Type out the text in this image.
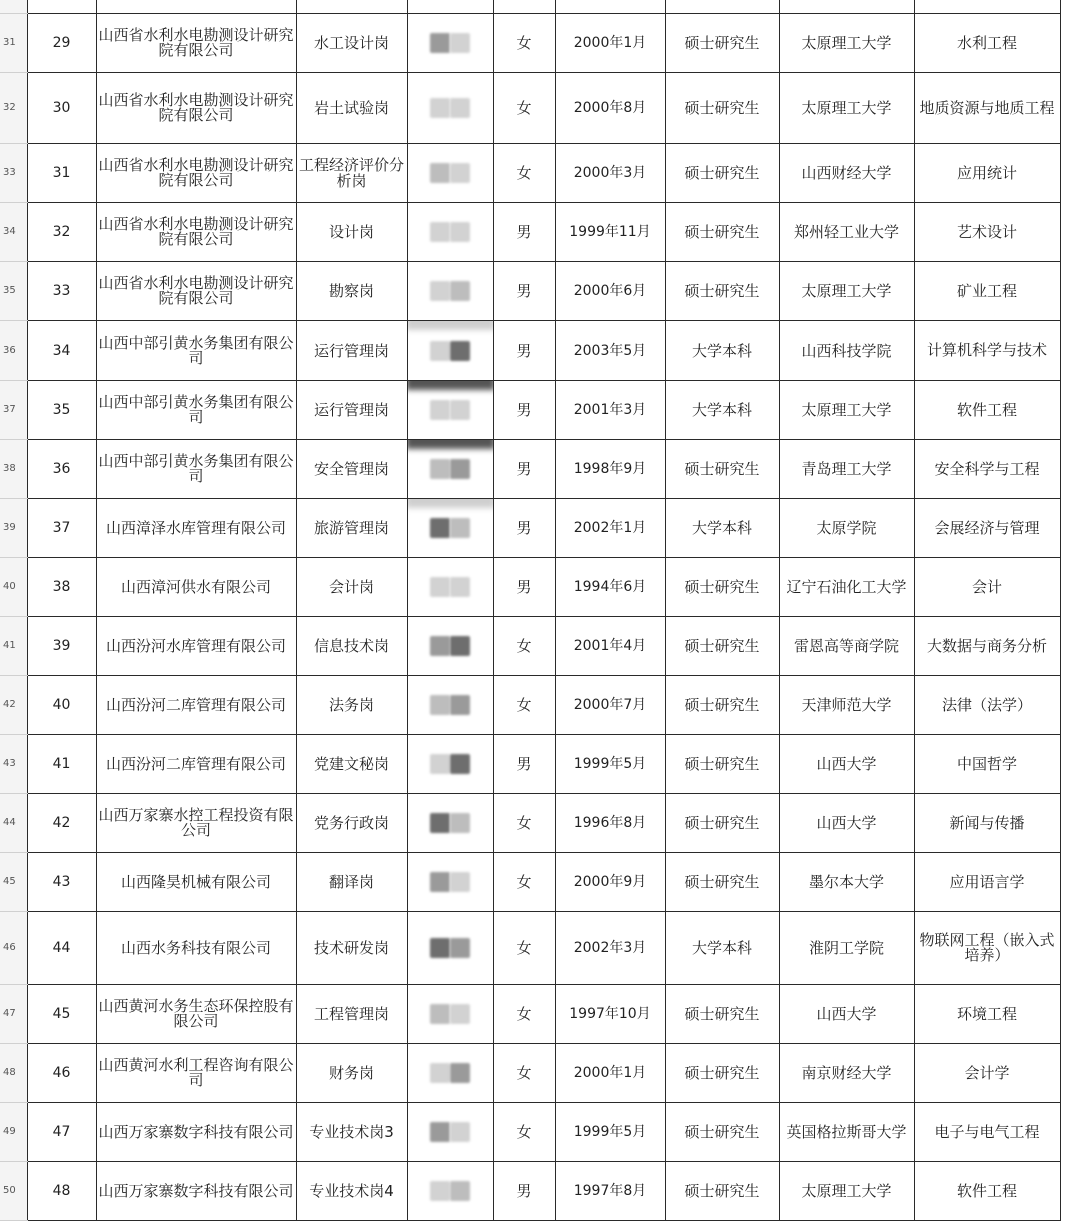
31	29	山西省水利水电勘测设计研究院有限公司	水工设计岗		女	2000年1月	硕士研究生	太原理工大学	水利工程
32	30	山西省水利水电勘测设计研究院有限公司	岩土试验岗		女	2000年8月	硕士研究生	太原理工大学	地质资源与地质工程
33	31	山西省水利水电勘测设计研究院有限公司	工程经济评价分析岗		女	2000年3月	硕士研究生	山西财经大学	应用统计
34	32	山西省水利水电勘测设计研究院有限公司	设计岗		男	1999年11月	硕士研究生	郑州轻工业大学	艺术设计
35	33	山西省水利水电勘测设计研究院有限公司	勘察岗		男	2000年6月	硕士研究生	太原理工大学	矿业工程
36	34	山西中部引黄水务集团有限公司	运行管理岗		男	2003年5月	大学本科	山西科技学院	计算机科学与技术
37	35	山西中部引黄水务集团有限公司	运行管理岗		男	2001年3月	大学本科	太原理工大学	软件工程
38	36	山西中部引黄水务集团有限公司	安全管理岗		男	1998年9月	硕士研究生	青岛理工大学	安全科学与工程
39	37	山西漳泽水库管理有限公司	旅游管理岗		男	2002年1月	大学本科	太原学院	会展经济与管理
40	38	山西漳河供水有限公司	会计岗		男	1994年6月	硕士研究生	辽宁石油化工大学	会计
41	39	山西汾河水库管理有限公司	信息技术岗		女	2001年4月	硕士研究生	雷恩高等商学院	大数据与商务分析
42	40	山西汾河二库管理有限公司	法务岗		女	2000年7月	硕士研究生	天津师范大学	法律（法学）
43	41	山西汾河二库管理有限公司	党建文秘岗		男	1999年5月	硕士研究生	山西大学	中国哲学
44	42	山西万家寨水控工程投资有限公司	党务行政岗		女	1996年8月	硕士研究生	山西大学	新闻与传播
45	43	山西隆昊机械有限公司	翻译岗		女	2000年9月	硕士研究生	墨尔本大学	应用语言学
46	44	山西水务科技有限公司	技术研发岗		女	2002年3月	大学本科	淮阴工学院	物联网工程（嵌入式培养）
47	45	山西黄河水务生态环保控股有限公司	工程管理岗		女	1997年10月	硕士研究生	山西大学	环境工程
48	46	山西黄河水利工程咨询有限公司	财务岗		女	2000年1月	硕士研究生	南京财经大学	会计学
49	47	山西万家寨数字科技有限公司	专业技术岗3		女	1999年5月	硕士研究生	英国格拉斯哥大学	电子与电气工程
50	48	山西万家寨数字科技有限公司	专业技术岗4		男	1997年8月	硕士研究生	太原理工大学	软件工程
